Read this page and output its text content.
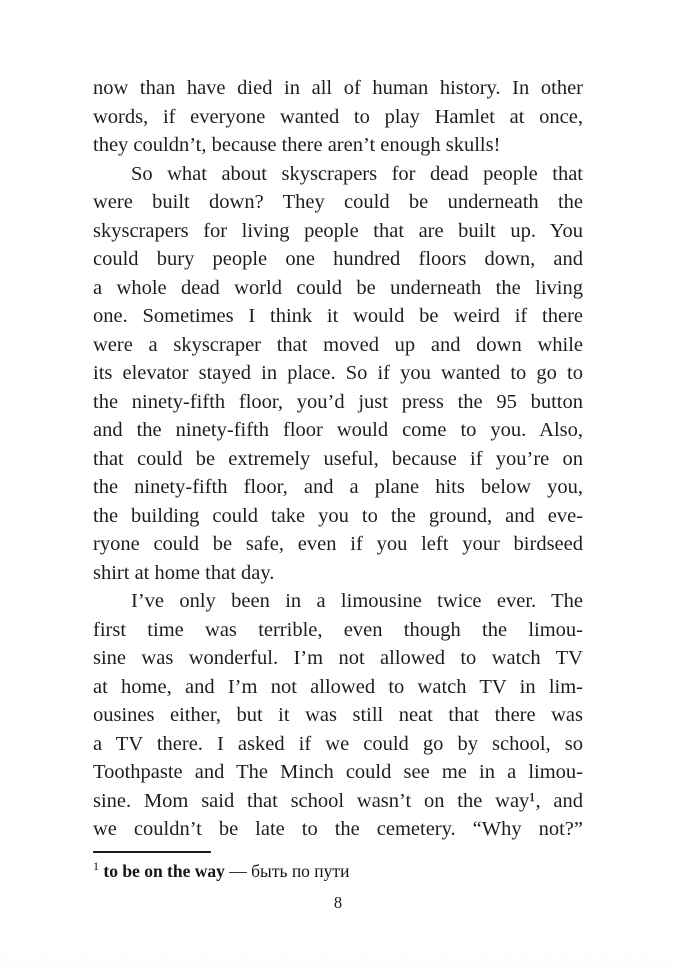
now than have died in all of human history. In other
words, if everyone wanted to play Hamlet at once,
they couldn’t, because there aren’t enough skulls!
So what about skyscrapers for dead people that
were built down? They could be underneath the
skyscrapers for living people that are built up. You
could bury people one hundred floors down, and
a whole dead world could be underneath the living
one. Sometimes I think it would be weird if there
were a skyscraper that moved up and down while
its elevator stayed in place. So if you wanted to go to
the ninety-fifth floor, you’d just press the 95 button
and the ninety-fifth floor would come to you. Also,
that could be extremely useful, because if you’re on
the ninety-fifth floor, and a plane hits below you,
the building could take you to the ground, and eve-
ryone could be safe, even if you left your birdseed
shirt at home that day.
I’ve only been in a limousine twice ever. The
first time was terrible, even though the limou-
sine was wonderful. I’m not allowed to watch TV
at home, and I’m not allowed to watch TV in lim-
ousines either, but it was still neat that there was
a TV there. I asked if we could go by school, so
Toothpaste and The Minch could see me in a limou-
sine. Mom said that school wasn’t on the way¹, and
we couldn’t be late to the cemetery. “Why not?”
$^1$ to be on the way — быть по пути
8
